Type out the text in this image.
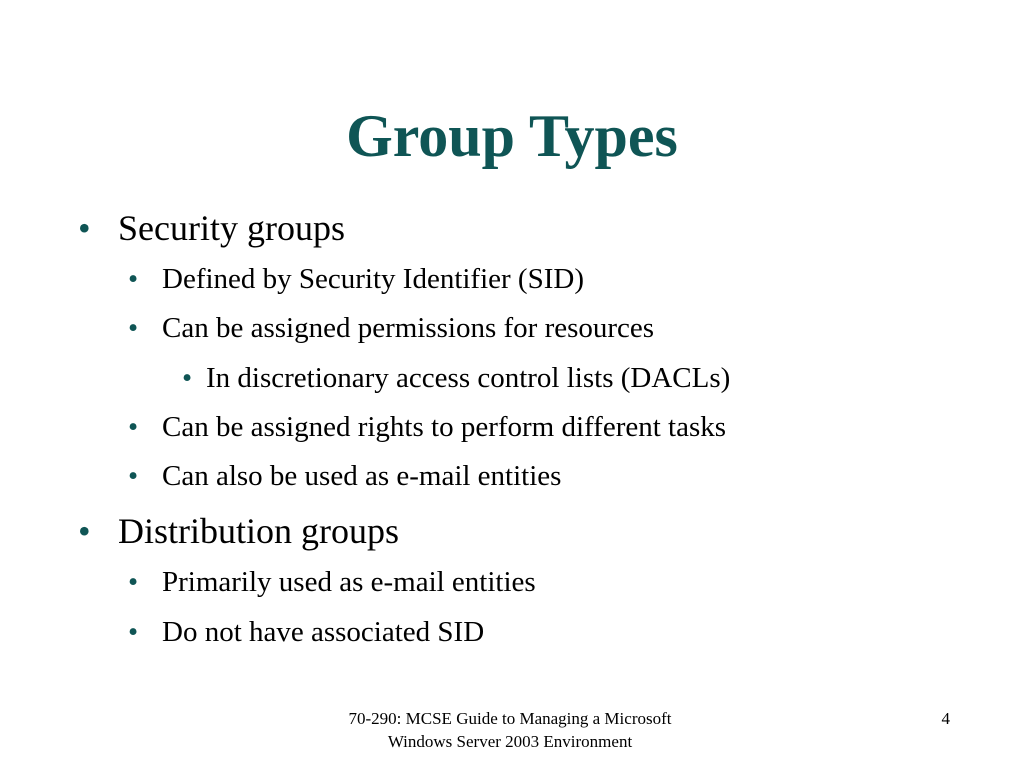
Group Types
• Security groups
• Defined by Security Identifier (SID)
• Can be assigned permissions for resources
• In discretionary access control lists (DACLs)
• Can be assigned rights to perform different tasks
• Can also be used as e-mail entities
• Distribution groups
• Primarily used as e-mail entities
• Do not have associated SID
70-290: MCSE Guide to Managing a Microsoft
Windows Server 2003 Environment
4
